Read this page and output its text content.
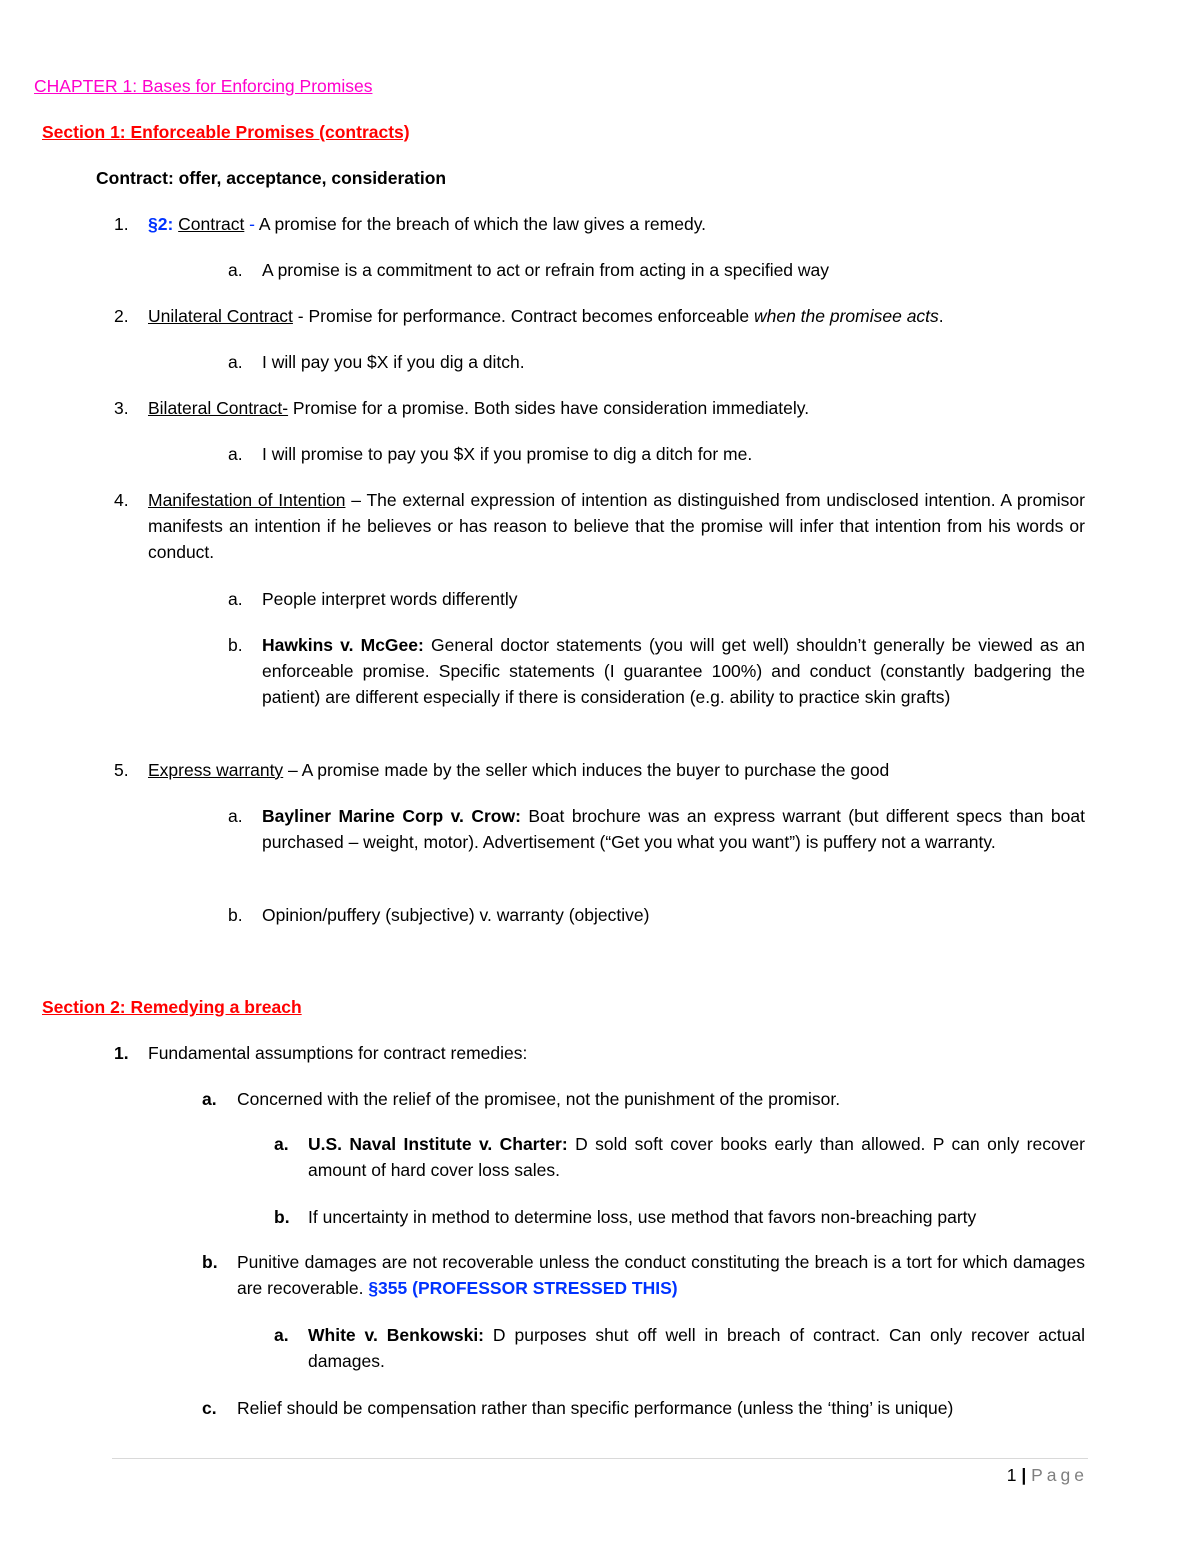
CHAPTER 1: Bases for Enforcing Promises
Section 1: Enforceable Promises (contracts)
Contract: offer, acceptance, consideration
1. §2: Contract - A promise for the breach of which the law gives a remedy.
a. A promise is a commitment to act or refrain from acting in a specified way
2. Unilateral Contract - Promise for performance. Contract becomes enforceable when the promisee acts.
a. I will pay you $X if you dig a ditch.
3. Bilateral Contract- Promise for a promise. Both sides have consideration immediately.
a. I will promise to pay you $X if you promise to dig a ditch for me.
4. Manifestation of Intention – The external expression of intention as distinguished from undisclosed intention. A promisor manifests an intention if he believes or has reason to believe that the promise will infer that intention from his words or conduct.
a. People interpret words differently
b. Hawkins v. McGee: General doctor statements (you will get well) shouldn’t generally be viewed as an enforceable promise. Specific statements (I guarantee 100%) and conduct (constantly badgering the patient) are different especially if there is consideration (e.g. ability to practice skin grafts)
5. Express warranty – A promise made by the seller which induces the buyer to purchase the good
a. Bayliner Marine Corp v. Crow: Boat brochure was an express warrant (but different specs than boat purchased – weight, motor). Advertisement (“Get you what you want”) is puffery not a warranty.
b. Opinion/puffery (subjective) v. warranty (objective)
Section 2: Remedying a breach
1. Fundamental assumptions for contract remedies:
a. Concerned with the relief of the promisee, not the punishment of the promisor.
a. U.S. Naval Institute v. Charter: D sold soft cover books early than allowed. P can only recover amount of hard cover loss sales.
b. If uncertainty in method to determine loss, use method that favors non-breaching party
b. Punitive damages are not recoverable unless the conduct constituting the breach is a tort for which damages are recoverable. §355 (PROFESSOR STRESSED THIS)
a. White v. Benkowski: D purposes shut off well in breach of contract. Can only recover actual damages.
c. Relief should be compensation rather than specific performance (unless the ‘thing’ is unique)
1 | Page
